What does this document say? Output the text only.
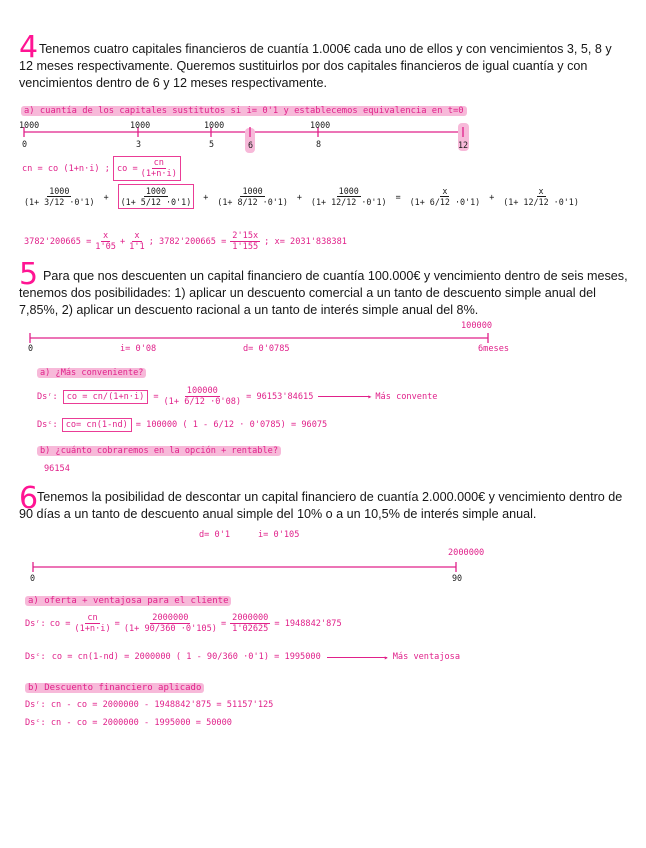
4 Tenemos cuatro capitales financieros de cuantía 1.000€ cada uno de ellos y con vencimientos 3, 5, 8 y 12 meses respectivamente. Queremos sustituirlos por dos capitales financieros de igual cuantía y con vencimientos dentro de 6 y 12 meses respectivamente.
a) cuantía de los capitales sustitutos si i= 0'1 y establecemos equivalencia en t=0
1000	1000	1000	1000
0	3	5	6	8	12
cn = co (1+n·i) ; co = $\frac{cn}{(1+n\cdot i)}$
$\frac{1000}{(1+ 3/12 \cdot 0'1)} + \frac{1000}{(1+ 5/12 \cdot 0'1)} + \frac{1000}{(1+ 8/12 \cdot 0'1)} + \frac{1000}{(1+ 12/12 \cdot 0'1)} = \frac{x}{(1+ 6/12 \cdot 0'1)} + \frac{x}{(1+ 12/12 \cdot 0'1)}$
$3782'200665 = \frac{x}{1'05} + \frac{x}{1'1}$ ; $3782'200665 = \frac{2'15x}{1'155}$ ; x= 2031'838381
5 Para que nos descuenten un capital financiero de cuantía 100.000€ y vencimiento dentro de seis meses, tenemos dos posibilidades: 1) aplicar un descuento comercial a un tanto de descuento simple anual del 7,85%, 2) aplicar un descuento racional a un tanto de interés simple anual del 8%.
100000
0	i= 0'08	d= 0'0785	6meses
a) ¿Más conveniente?
Dsʳ:	co = cn/(1+n·i)	= $\frac{100000}{(1+ 6/12 \cdot 0'08)} = 96153'84615$	▸ Más convente
Dsᶜ: co= cn(1-nd) = 100000 ( 1 - 6/12 · 0'0785) = 96075
b) ¿cuánto cobraremos en la opción + rentable?
96154
6
Tenemos la posibilidad de descontar un capital financiero de cuantía 2.000.000€ y vencimiento dentro de 90 días a un tanto de descuento anual simple del 10% o a un 10,5% de interés simple anual.
d= 0'1	i= 0'105
2000000
0	90
a) oferta + ventajosa para el cliente
Dsʳ: co = $\frac{cn}{(1+n\cdot i)} = \frac{2000000}{(1+ 90/360 \cdot 0'105)} = \frac{2000000}{1'02625} = 1948842'875$
Dsᶜ: co = cn(1-nd) = 2000000 ( 1 - 90/360 ·0'1) = 1995000	▸ Más ventajosa
b) Descuento financiero aplicado
Dsʳ: cn - co = 2000000 - 1948842'875 = 51157'125
Dsᶜ: cn - co = 2000000 - 1995000 = 50000
